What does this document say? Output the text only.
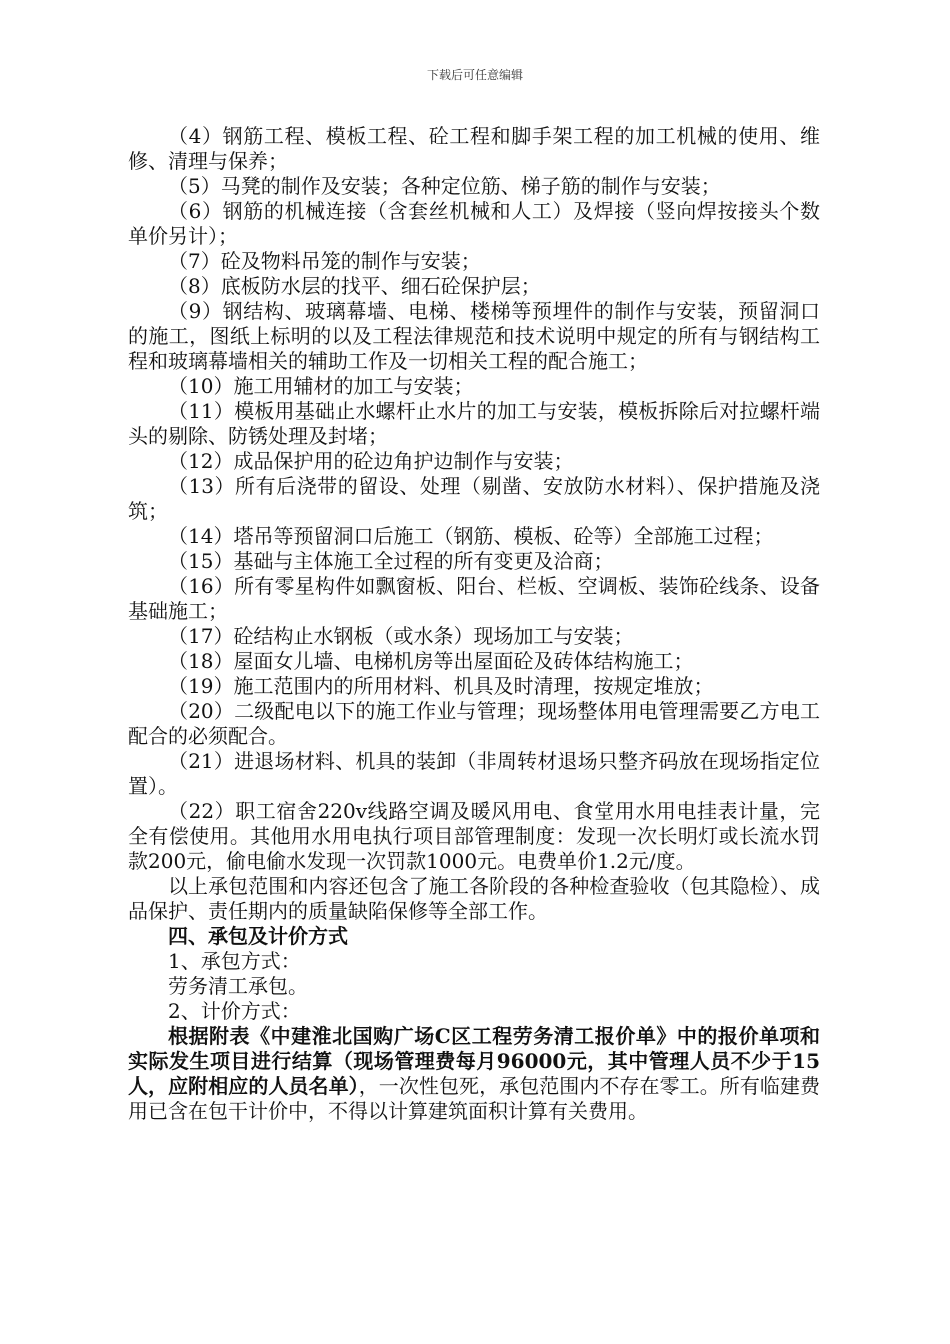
下载后可任意编辑

（4）钢筋工程、模板工程、砼工程和脚手架工程的加工机械的使用、维修、清理与保养；

（5）马凳的制作及安装；各种定位筋、梯子筋的制作与安装；

（6）钢筋的机械连接（含套丝机械和人工）及焊接（竖向焊按接头个数单价另计）；

（7）砼及物料吊笼的制作与安装；

（8）底板防水层的找平、细石砼保护层；

（9）钢结构、玻璃幕墙、电梯、楼梯等预埋件的制作与安装，预留洞口的施工，图纸上标明的以及工程法律规范和技术说明中规定的所有与钢结构工程和玻璃幕墙相关的辅助工作及一切相关工程的配合施工；

（10）施工用辅材的加工与安装；

（11）模板用基础止水螺杆止水片的加工与安装，模板拆除后对拉螺杆端头的剔除、防锈处理及封堵；

（12）成品保护用的砼边角护边制作与安装；

（13）所有后浇带的留设、处理（剔凿、安放防水材料）、保护措施及浇筑；

（14）塔吊等预留洞口后施工（钢筋、模板、砼等）全部施工过程；

（15）基础与主体施工全过程的所有变更及洽商；

（16）所有零星构件如飘窗板、阳台、栏板、空调板、装饰砼线条、设备基础施工；

（17）砼结构止水钢板（或水条）现场加工与安装；

（18）屋面女儿墙、电梯机房等出屋面砼及砖体结构施工；

（19）施工范围内的所用材料、机具及时清理，按规定堆放；

（20）二级配电以下的施工作业与管理；现场整体用电管理需要乙方电工配合的必须配合。

（21）进退场材料、机具的装卸（非周转材退场只整齐码放在现场指定位置）。

（22）职工宿舍220v线路空调及暖风用电、食堂用水用电挂表计量，完全有偿使用。其他用水用电执行项目部管理制度：发现一次长明灯或长流水罚款200元，偷电偷水发现一次罚款1000元。电费单价1.2元/度。

以上承包范围和内容还包含了施工各阶段的各种检查验收（包其隐检）、成品保护、责任期内的质量缺陷保修等全部工作。

四、承包及计价方式

1、承包方式：

劳务清工承包。

2、计价方式：

根据附表《中建淮北国购广场C区工程劳务清工报价单》中的报价单项和实际发生项目进行结算（现场管理费每月96000元，其中管理人员不少于15人，应附相应的人员名单），一次性包死，承包范围内不存在零工。所有临建费用已含在包干计价中，不得以计算建筑面积计算有关费用。
